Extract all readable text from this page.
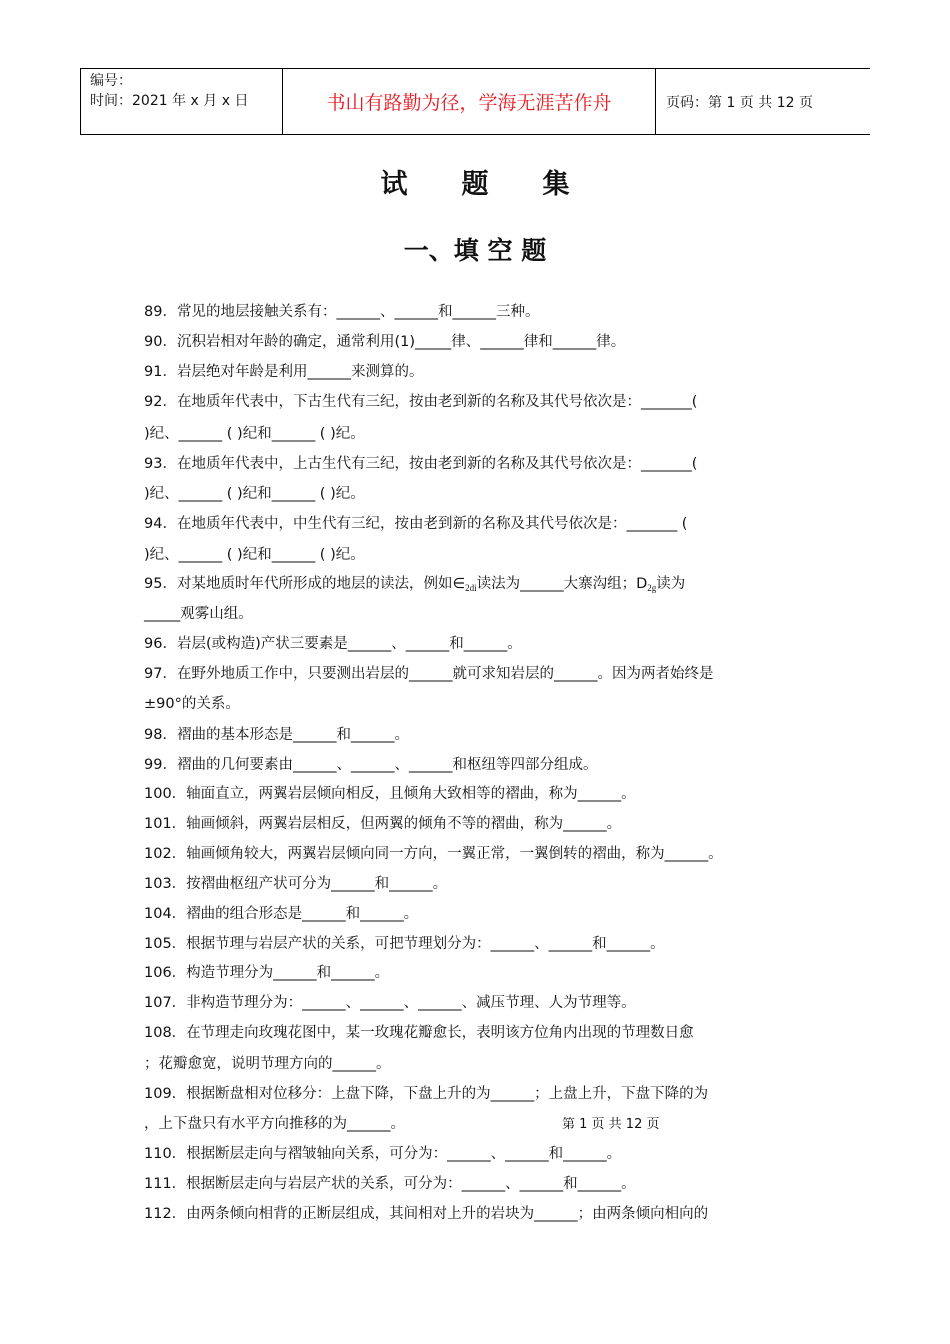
编号：
时间：2021 年 x 月 x 日	书山有路勤为径，学海无涯苦作舟	页码：第 1 页 共 12 页
试　　题　　集
一、填 空 题
89．常见的地层接触关系有：______、______和______三种。
90．沉积岩相对年龄的确定，通常利用(1)_____律、______律和______律。
91．岩层绝对年龄是利用______来测算的。
92．在地质年代表中，下古生代有三纪，按由老到新的名称及其代号依次是：_______(
)纪、______ ( )纪和______ ( )纪。
93．在地质年代表中，上古生代有三纪，按由老到新的名称及其代号依次是：_______(
)纪、______ ( )纪和______ ( )纪。
94．在地质年代表中，中生代有三纪，按由老到新的名称及其代号依次是：_______ (
)纪、______ ( )纪和______ ( )纪。
95．对某地质时年代所形成的地层的读法，例如$\in_{2di}$读法为______大寨沟组；$D_{2g}$读为
_____观雾山组。
96．岩层(或构造)产状三要素是______、______和______。
97．在野外地质工作中，只要测出岩层的______就可求知岩层的______。因为两者始终是
±90°的关系。
98．褶曲的基本形态是______和______。
99．褶曲的几何要素由______、______、______和枢纽等四部分组成。
100．轴面直立，两翼岩层倾向相反，且倾角大致相等的褶曲，称为______。
101．轴画倾斜，两翼岩层相反，但两翼的倾角不等的褶曲，称为______。
102．轴画倾角较大，两翼岩层倾向同一方向，一翼正常，一翼倒转的褶曲，称为______。
103．按褶曲枢纽产状可分为______和______。
104．褶曲的组合形态是______和______。
105．根据节理与岩层产状的关系，可把节理划分为：______、______和______。
106．构造节理分为______和______。
107．非构造节理分为：______、______、______、减压节理、人为节理等。
108．在节理走向玫瑰花图中，某一玫瑰花瓣愈长，表明该方位角内出现的节理数日愈
；花瓣愈宽，说明节理方向的______。
109．根据断盘相对位移分：上盘下降，下盘上升的为______；上盘上升，下盘下降的为
，上下盘只有水平方向推移的为______。
110．根据断层走向与褶皱轴向关系，可分为：______、______和______。
111．根据断层走向与岩层产状的关系，可分为：______、______和______。
112．由两条倾向相背的正断层组成，其间相对上升的岩块为______；由两条倾向相向的
第 1 页 共 12 页
